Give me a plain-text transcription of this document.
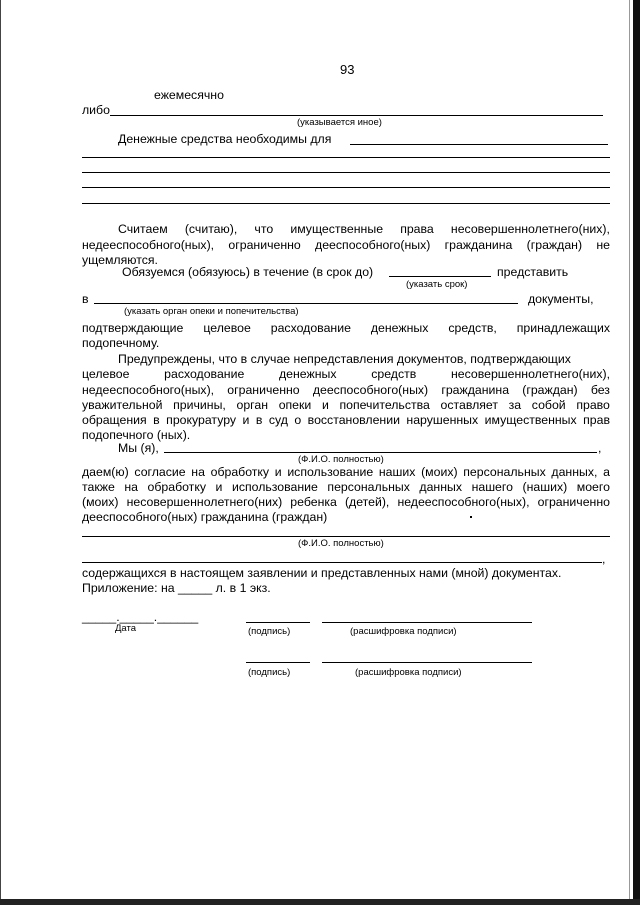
93
ежемесячно
либо
(указывается иное)
Денежные средства необходимы для
Считаем (считаю), что имущественные права несовершеннолетнего(них),
недееспособного(ных), ограниченно дееспособного(ных) гражданина (граждан) не
ущемляются.
Обязуемся (обязуюсь) в течение (в срок до)	представить
(указать срок)
в	документы,
(указать орган опеки и попечительства)
подтверждающие целевое расходование денежных средств, принадлежащих
подопечному.
Предупреждены, что в случае непредставления документов, подтверждающих
целевое	расходование	денежных	средств	несовершеннолетнего(них),
недееспособного(ных), ограниченно дееспособного(ных) гражданина (граждан) без
уважительной причины, орган опеки и попечительства оставляет за собой право
обращения в прокуратуру и в суд о восстановлении нарушенных имущественных прав
подопечного (ных).
Мы (я),	,
(Ф.И.О. полностью)
даем(ю) согласие на обработку и использование наших (моих) персональных данных, а
также на обработку и использование персональных данных нашего (наших) моего
(моих) несовершеннолетнего(них) ребенка (детей), недееспособного(ных), ограниченно
дееспособного(ных) гражданина (граждан)
(Ф.И.О. полностью)
,
содержащихся в настоящем заявлении и представленных нами (мной) документах.
Приложение: на _____ л. в 1 экз.
_____._____.______
Дата	(подпись)	(расшифровка подписи)
(подпись)	(расшифровка подписи)
